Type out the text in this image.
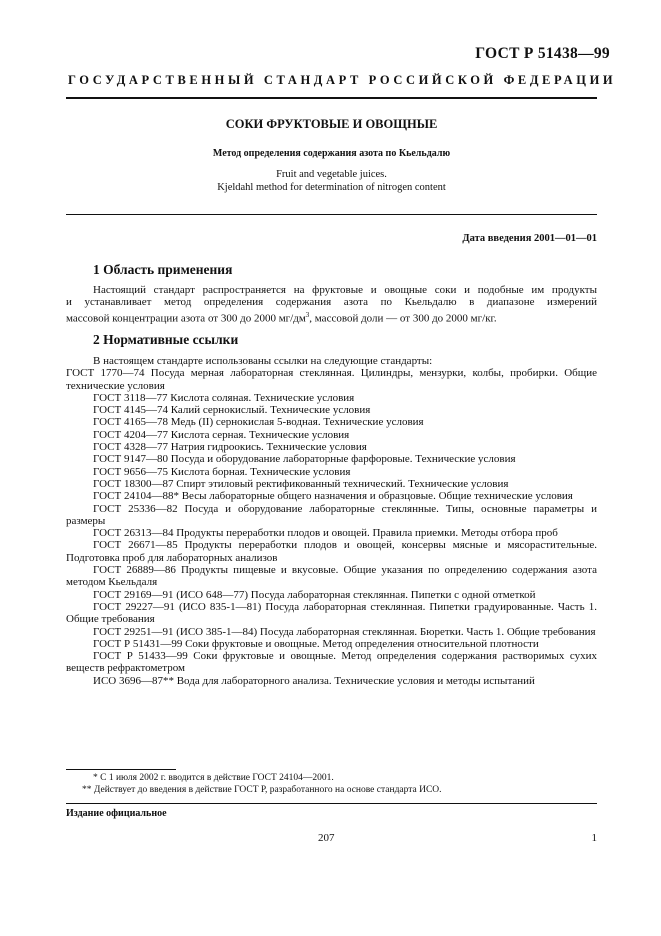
ГОСТ Р 51438—99
ГОСУДАРСТВЕННЫЙ СТАНДАРТ РОССИЙСКОЙ ФЕДЕРАЦИИ
СОКИ ФРУКТОВЫЕ И ОВОЩНЫЕ
Метод определения содержания азота по Кьельдалю
Fruit and vegetable juices.
Kjeldahl method for determination of nitrogen content
Дата введения 2001—01—01
1 Область применения
Настоящий стандарт распространяется на фруктовые и овощные соки и подобные им продукты
и устанавливает метод определения содержания азота по Кьельдалю в диапазоне измерений
массовой концентрации азота от 300 до 2000 $мг/дм^3$, массовой доли — от 300 до 2000 мг/кг.
2 Нормативные ссылки
В настоящем стандарте использованы ссылки на следующие стандарты:
ГОСТ 1770—74 Посуда мерная лабораторная стеклянная. Цилиндры, мензурки, колбы, пробирки. Общие технические условия
ГОСТ 3118—77 Кислота соляная. Технические условия
ГОСТ 4145—74 Калий сернокислый. Технические условия
ГОСТ 4165—78 Медь (II) сернокислая 5-водная. Технические условия
ГОСТ 4204—77 Кислота серная. Технические условия
ГОСТ 4328—77 Натрия гидроокись. Технические условия
ГОСТ 9147—80 Посуда и оборудование лабораторные фарфоровые. Технические условия
ГОСТ 9656—75 Кислота борная. Технические условия
ГОСТ 18300—87 Спирт этиловый ректификованный технический. Технические условия
ГОСТ 24104—88* Весы лабораторные общего назначения и образцовые. Общие технические условия
ГОСТ 25336—82 Посуда и оборудование лабораторные стеклянные. Типы, основные параметры и размеры
ГОСТ 26313—84 Продукты переработки плодов и овощей. Правила приемки. Методы отбора проб
ГОСТ 26671—85 Продукты переработки плодов и овощей, консервы мясные и мясорастительные. Подготовка проб для лабораторных анализов
ГОСТ 26889—86 Продукты пищевые и вкусовые. Общие указания по определению содержания азота методом Кьельдаля
ГОСТ 29169—91 (ИСО 648—77) Посуда лабораторная стеклянная. Пипетки с одной отметкой
ГОСТ 29227—91 (ИСО 835-1—81) Посуда лабораторная стеклянная. Пипетки градуированные. Часть 1. Общие требования
ГОСТ 29251—91 (ИСО 385-1—84) Посуда лабораторная стеклянная. Бюретки. Часть 1. Общие требования
ГОСТ Р 51431—99 Соки фруктовые и овощные. Метод определения относительной плотности
ГОСТ Р 51433—99 Соки фруктовые и овощные. Метод определения содержания растворимых сухих веществ рефрактометром
ИСО 3696—87** Вода для лабораторного анализа. Технические условия и методы испытаний
* С 1 июля 2002 г. вводится в действие ГОСТ 24104—2001.
** Действует до введения в действие ГОСТ Р, разработанного на основе стандарта ИСО.
Издание официальное
207	1
